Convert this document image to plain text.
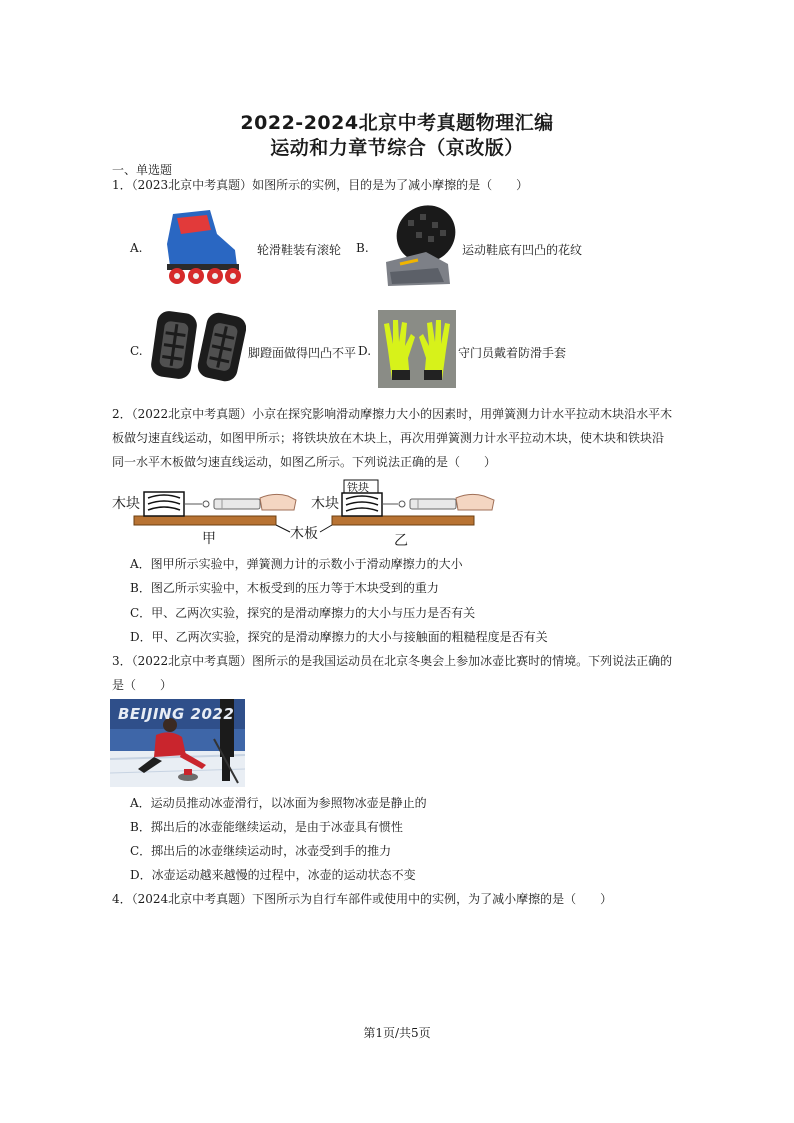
2022-2024北京中考真题物理汇编
运动和力章节综合（京改版）
一、单选题
1．（2023北京中考真题）如图所示的实例，目的是为了减小摩擦的是（　　）
A.	轮滑鞋装有滚轮 B.	运动鞋底有凹凸的花纹
C.	脚蹬面做得凹凸不平 D.	守门员戴着防滑手套
2．（2022北京中考真题）小京在探究影响滑动摩擦力大小的因素时，用弹簧测力计水平拉动木块沿水平木
板做匀速直线运动，如图甲所示；将铁块放在木块上，再次用弹簧测力计水平拉动木块，使木块和铁块沿
同一水平木板做匀速直线运动，如图乙所示。下列说法正确的是（　　）
木块	木块
铁块
木板
甲	乙
A．图甲所示实验中，弹簧测力计的示数小于滑动摩擦力的大小
B．图乙所示实验中，木板受到的压力等于木块受到的重力
C．甲、乙两次实验，探究的是滑动摩擦力的大小与压力是否有关
D．甲、乙两次实验，探究的是滑动摩擦力的大小与接触面的粗糙程度是否有关
3．（2022北京中考真题）图所示的是我国运动员在北京冬奥会上参加冰壶比赛时的情境。下列说法正确的
是（　　）
BEIJING 2022
A．运动员推动冰壶滑行，以冰面为参照物冰壶是静止的
B．掷出后的冰壶能继续运动，是由于冰壶具有惯性
C．掷出后的冰壶继续运动时，冰壶受到手的推力
D．冰壶运动越来越慢的过程中，冰壶的运动状态不变
4．（2024北京中考真题）下图所示为自行车部件或使用中的实例，为了减小摩擦的是（　　）
第1页/共5页
